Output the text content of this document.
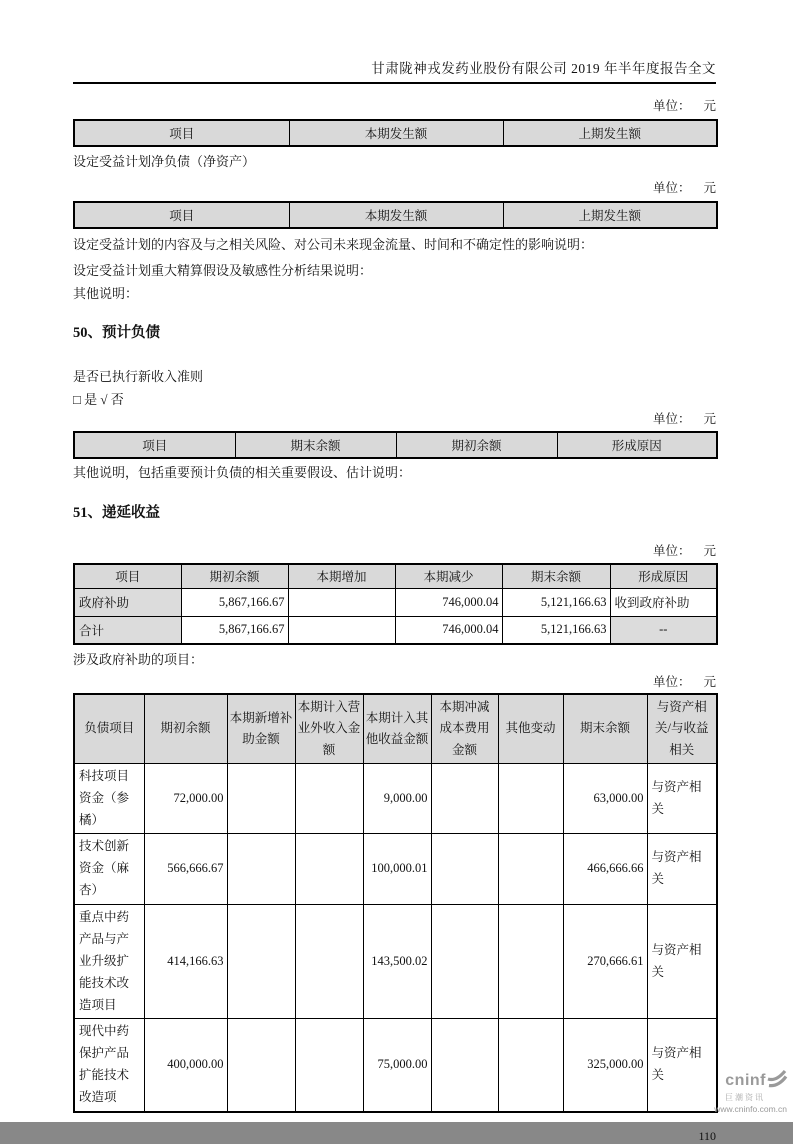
甘肃陇神戎发药业股份有限公司 2019 年半年度报告全文
单位： 元
项目	本期发生额	上期发生额
设定受益计划净负债（净资产）
单位： 元
项目	本期发生额	上期发生额
设定受益计划的内容及与之相关风险、对公司未来现金流量、时间和不确定性的影响说明：
设定受益计划重大精算假设及敏感性分析结果说明：
其他说明：
50、预计负债
是否已执行新收入准则
□ 是 √ 否
单位： 元
项目	期末余额	期初余额	形成原因
其他说明，包括重要预计负债的相关重要假设、估计说明：
51、递延收益
单位： 元
项目	期初余额	本期增加	本期减少	期末余额	形成原因
政府补助	5,867,166.67		746,000.04	5,121,166.63	收到政府补助
合计	5,867,166.67		746,000.04	5,121,166.63	--
涉及政府补助的项目：
单位： 元
负债项目	期初余额	本期新增补助金额	本期计入营业外收入金额	本期计入其他收益金额	本期冲减成本费用金额	其他变动	期末余额	与资产相关/与收益相关
科技项目资金（参橘）	72,000.00			9,000.00			63,000.00	与资产相关
技术创新资金（麻杏）	566,666.67			100,000.01			466,666.66	与资产相关
重点中药产品与产业升级扩能技术改造项目	414,166.63			143,500.02			270,666.61	与资产相关
现代中药保护产品扩能技术改造项	400,000.00			75,000.00			325,000.00	与资产相关
110
cninf
巨潮资讯
www.cninfo.com.cn
